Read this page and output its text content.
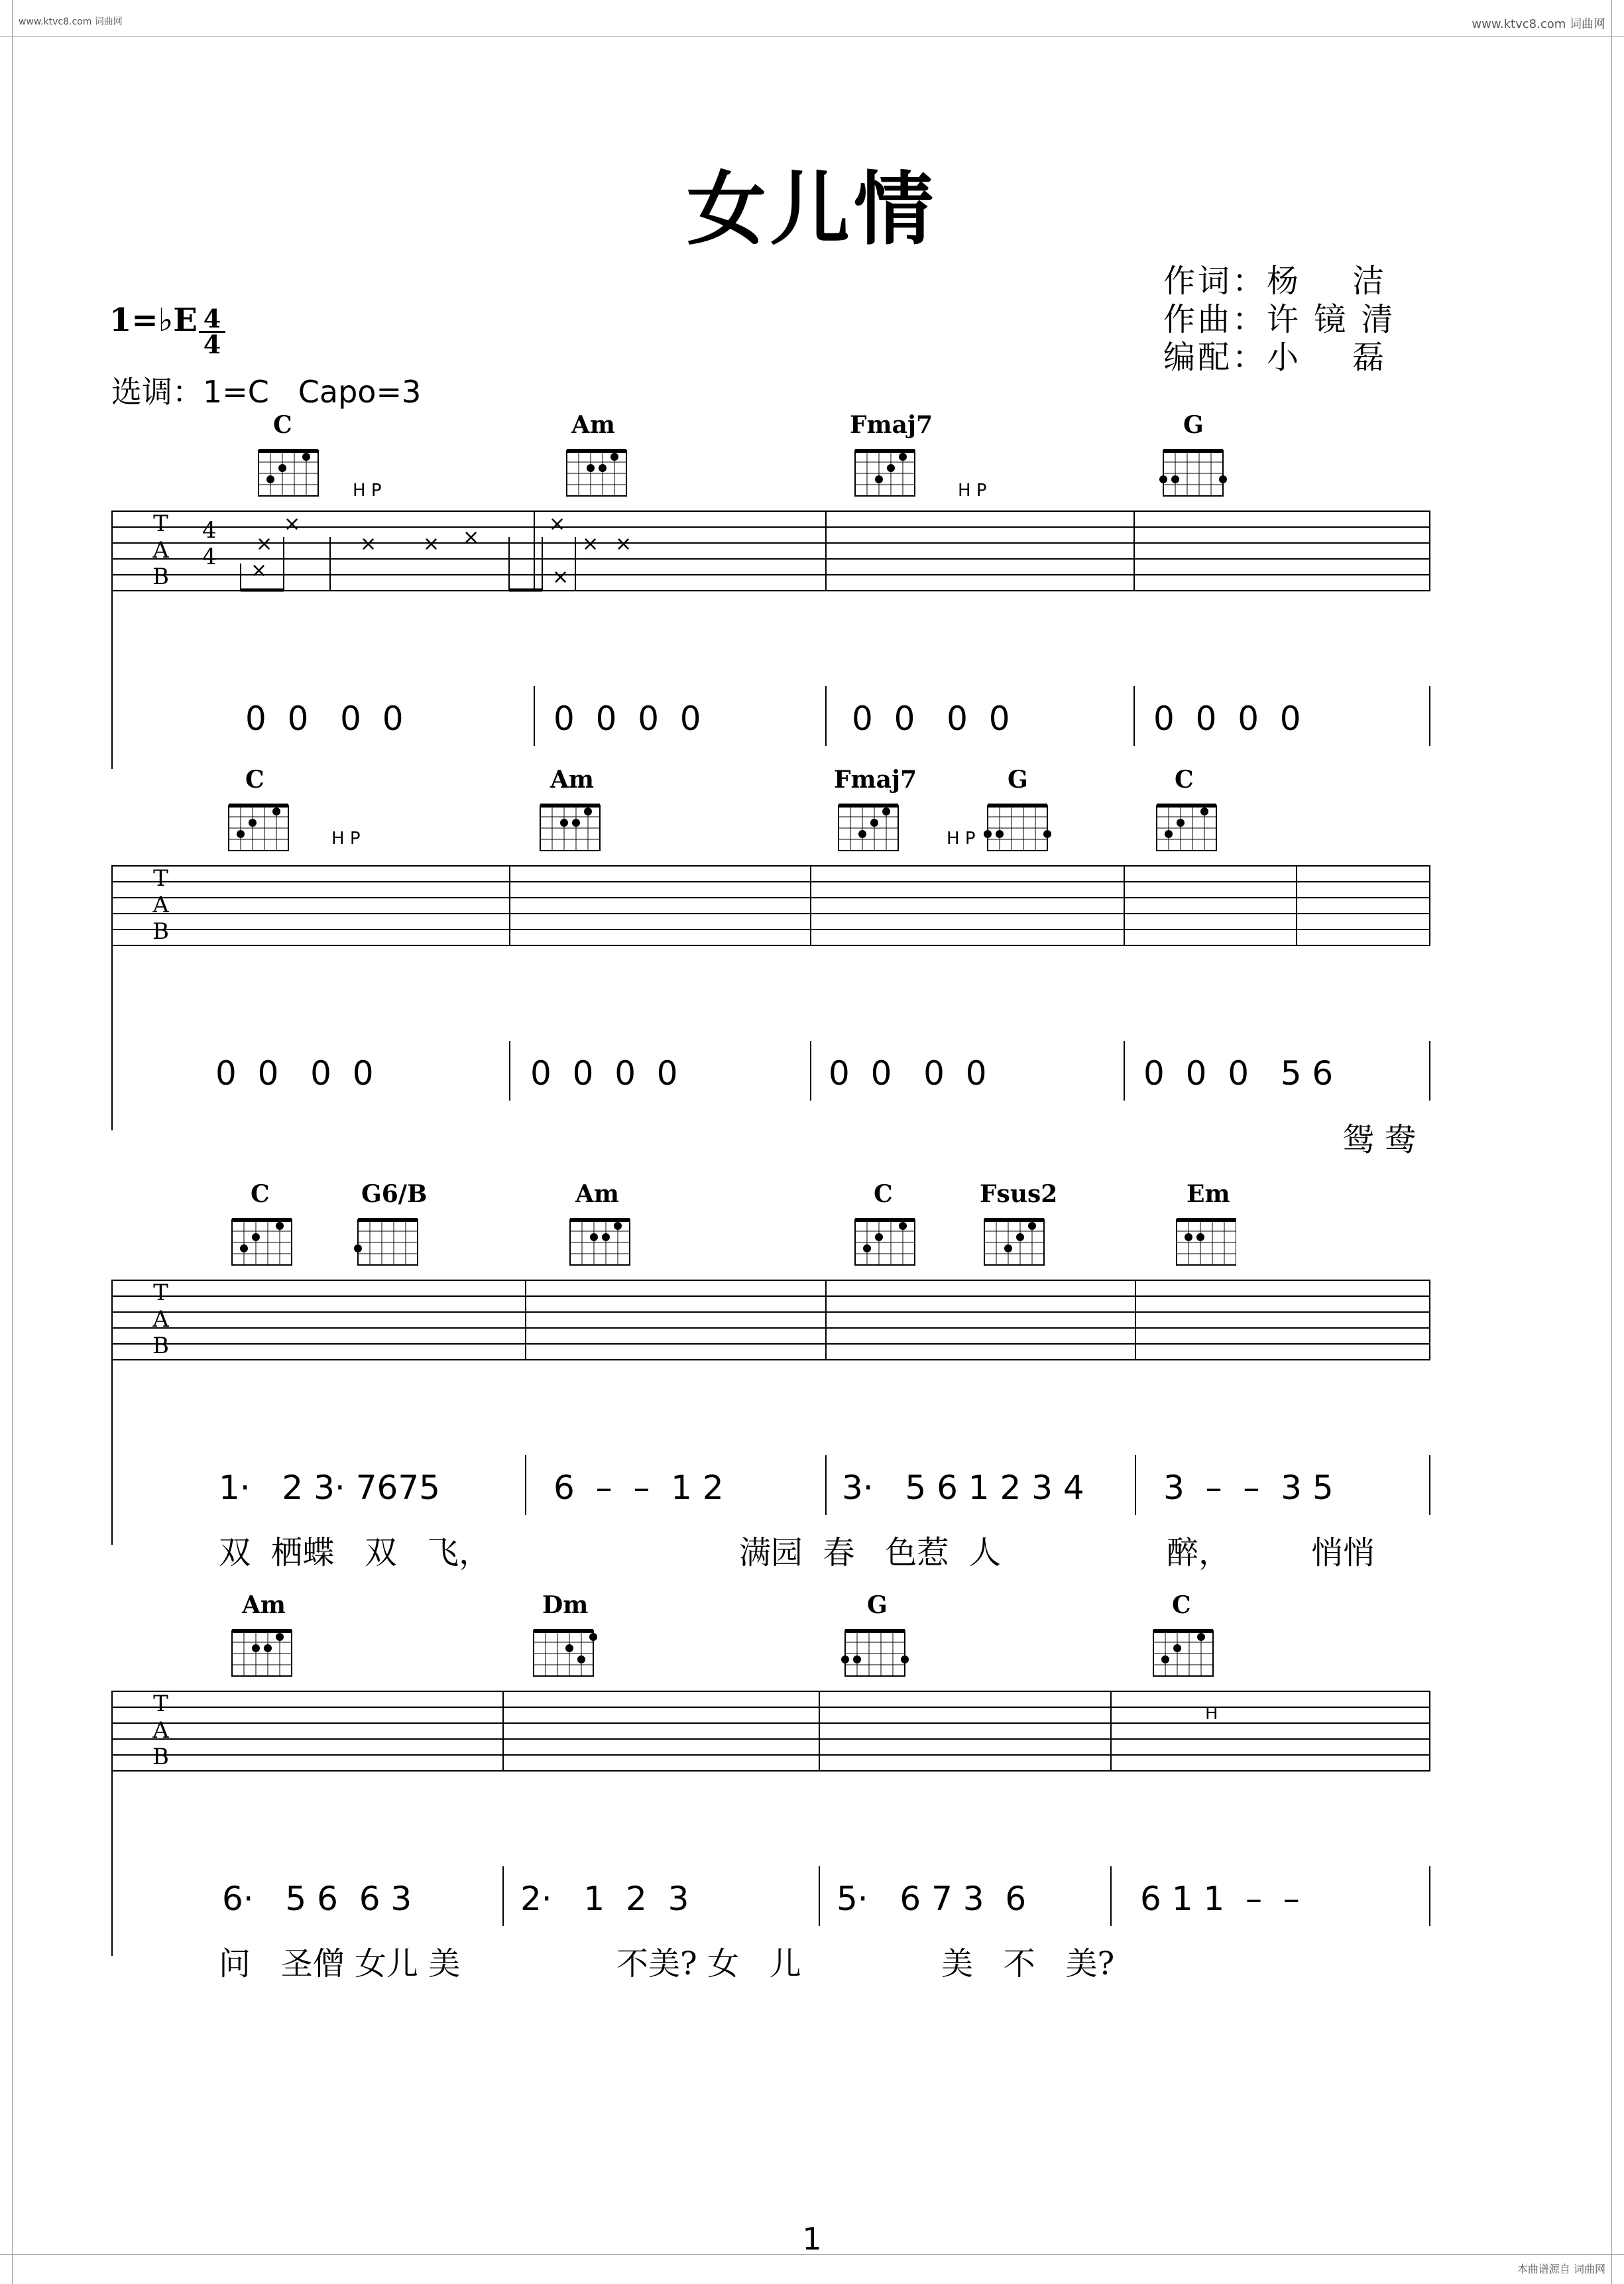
www.ktvc8.com 词曲网	www.ktvc8.com 词曲网
本曲谱源自 词曲网
女儿情
作词：杨    洁
作曲：许 镜 清
编配：小    磊
1=♭E 4
4
选调：1=C   Capo=3
C	Am	Fmaj7	G
T
A
B
4
4
H P	H P
×
×
× ×
×
×
×
×
×
×
0  0   0  0	0  0  0  0	0  0   0  0	0  0  0  0
C	Am	Fmaj7	G	C
T
A
B
H P	H P
0  0   0  0	0  0  0  0	0  0   0  0	0  0  0   5 6
鸳 鸯
C	G6/B	Am	C	Fsus2	Em
T
A
B
1·   2 3· 7675	6  –  –  1 2	3·   5 6 1 2 3 4 3  –  –  3 5
双  栖蝶   双   飞，	满园  春   色惹  人	醉，        悄悄
Am	Dm	G	C
T
A
B
H
6·   5 6  6 3	2·   1  2  3	5·   6 7 3  6	6 1 1  –  –
问   圣僧 女儿 美	不美? 女   儿	美   不   美?
1
